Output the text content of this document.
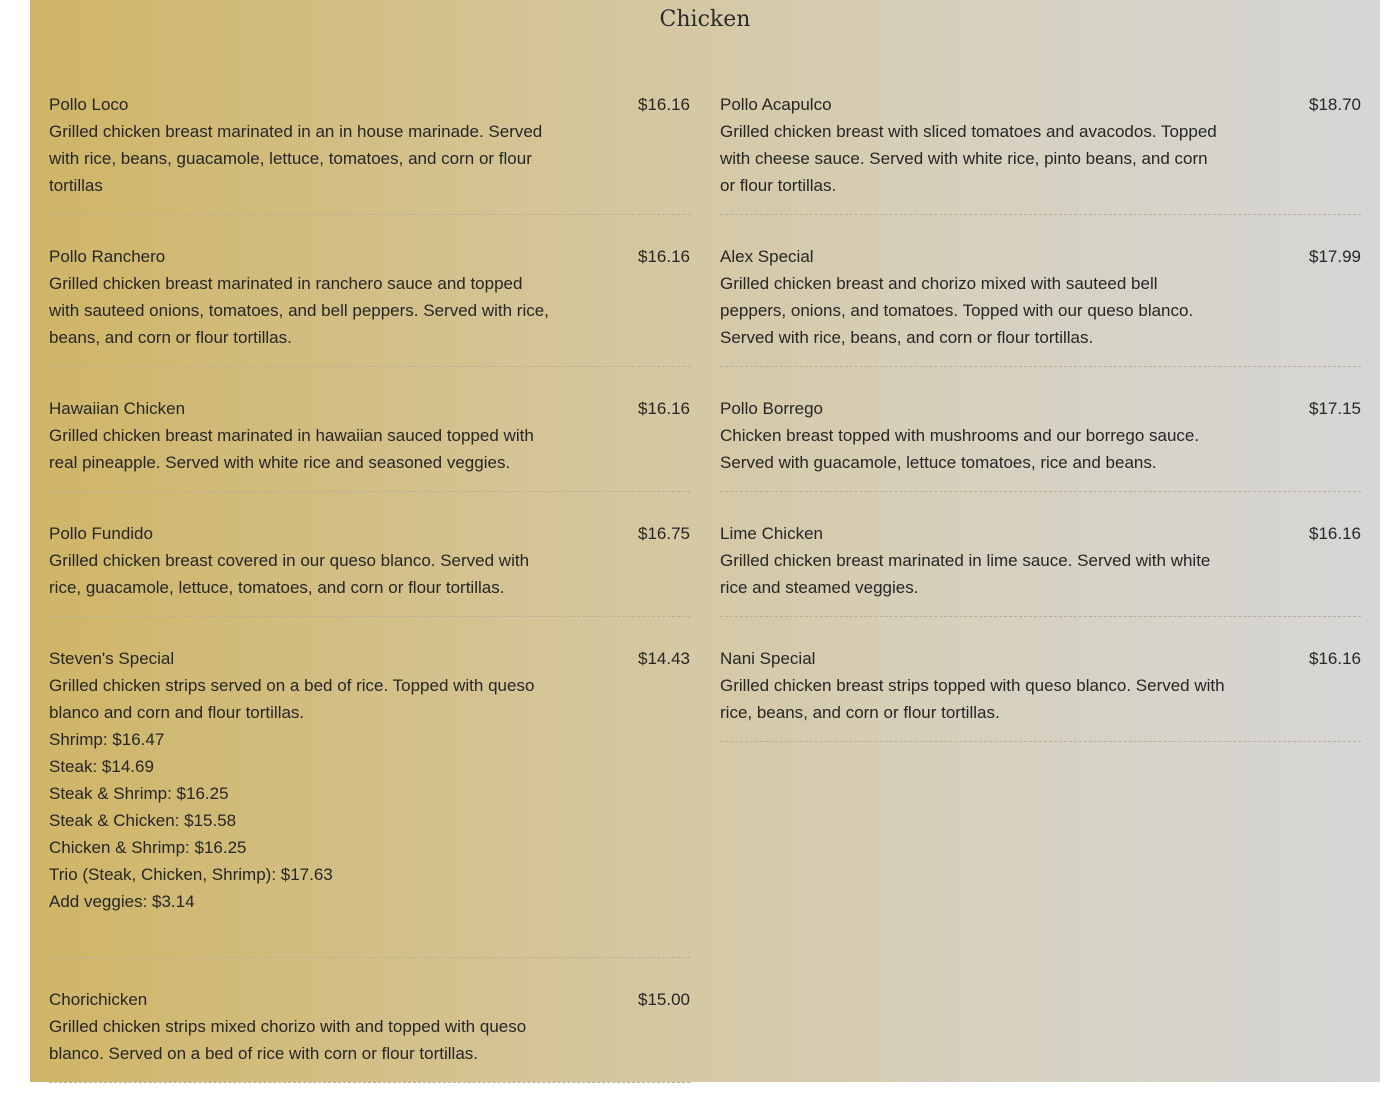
Chicken
Pollo Loco	$16.16
Grilled chicken breast marinated in an in house marinade. Served with rice, beans, guacamole, lettuce, tomatoes, and corn or flour tortillas
Pollo Ranchero	$16.16
Grilled chicken breast marinated in ranchero sauce and topped with sauteed onions, tomatoes, and bell peppers. Served with rice, beans, and corn or flour tortillas.
Hawaiian Chicken	$16.16
Grilled chicken breast marinated in hawaiian sauced topped with real pineapple. Served with white rice and seasoned veggies.
Pollo Fundido	$16.75
Grilled chicken breast covered in our queso blanco. Served with rice, guacamole, lettuce, tomatoes, and corn or flour tortillas.
Steven's Special	$14.43
Grilled chicken strips served on a bed of rice. Topped with queso blanco and corn and flour tortillas.
Shrimp: $16.47
Steak: $14.69
Steak & Shrimp: $16.25
Steak & Chicken: $15.58
Chicken & Shrimp: $16.25
Trio (Steak, Chicken, Shrimp): $17.63
Add veggies: $3.14
Chorichicken	$15.00
Grilled chicken strips mixed chorizo with and topped with queso blanco. Served on a bed of rice with corn or flour tortillas.
Pollo Acapulco	$18.70
Grilled chicken breast with sliced tomatoes and avacodos. Topped with cheese sauce. Served with white rice, pinto beans, and corn or flour tortillas.
Alex Special	$17.99
Grilled chicken breast and chorizo mixed with sauteed bell peppers, onions, and tomatoes. Topped with our queso blanco. Served with rice, beans, and corn or flour tortillas.
Pollo Borrego	$17.15
Chicken breast topped with mushrooms and our borrego sauce. Served with guacamole, lettuce tomatoes, rice and beans.
Lime Chicken	$16.16
Grilled chicken breast marinated in lime sauce. Served with white rice and steamed veggies.
Nani Special	$16.16
Grilled chicken breast strips topped with queso blanco. Served with rice, beans, and corn or flour tortillas.
